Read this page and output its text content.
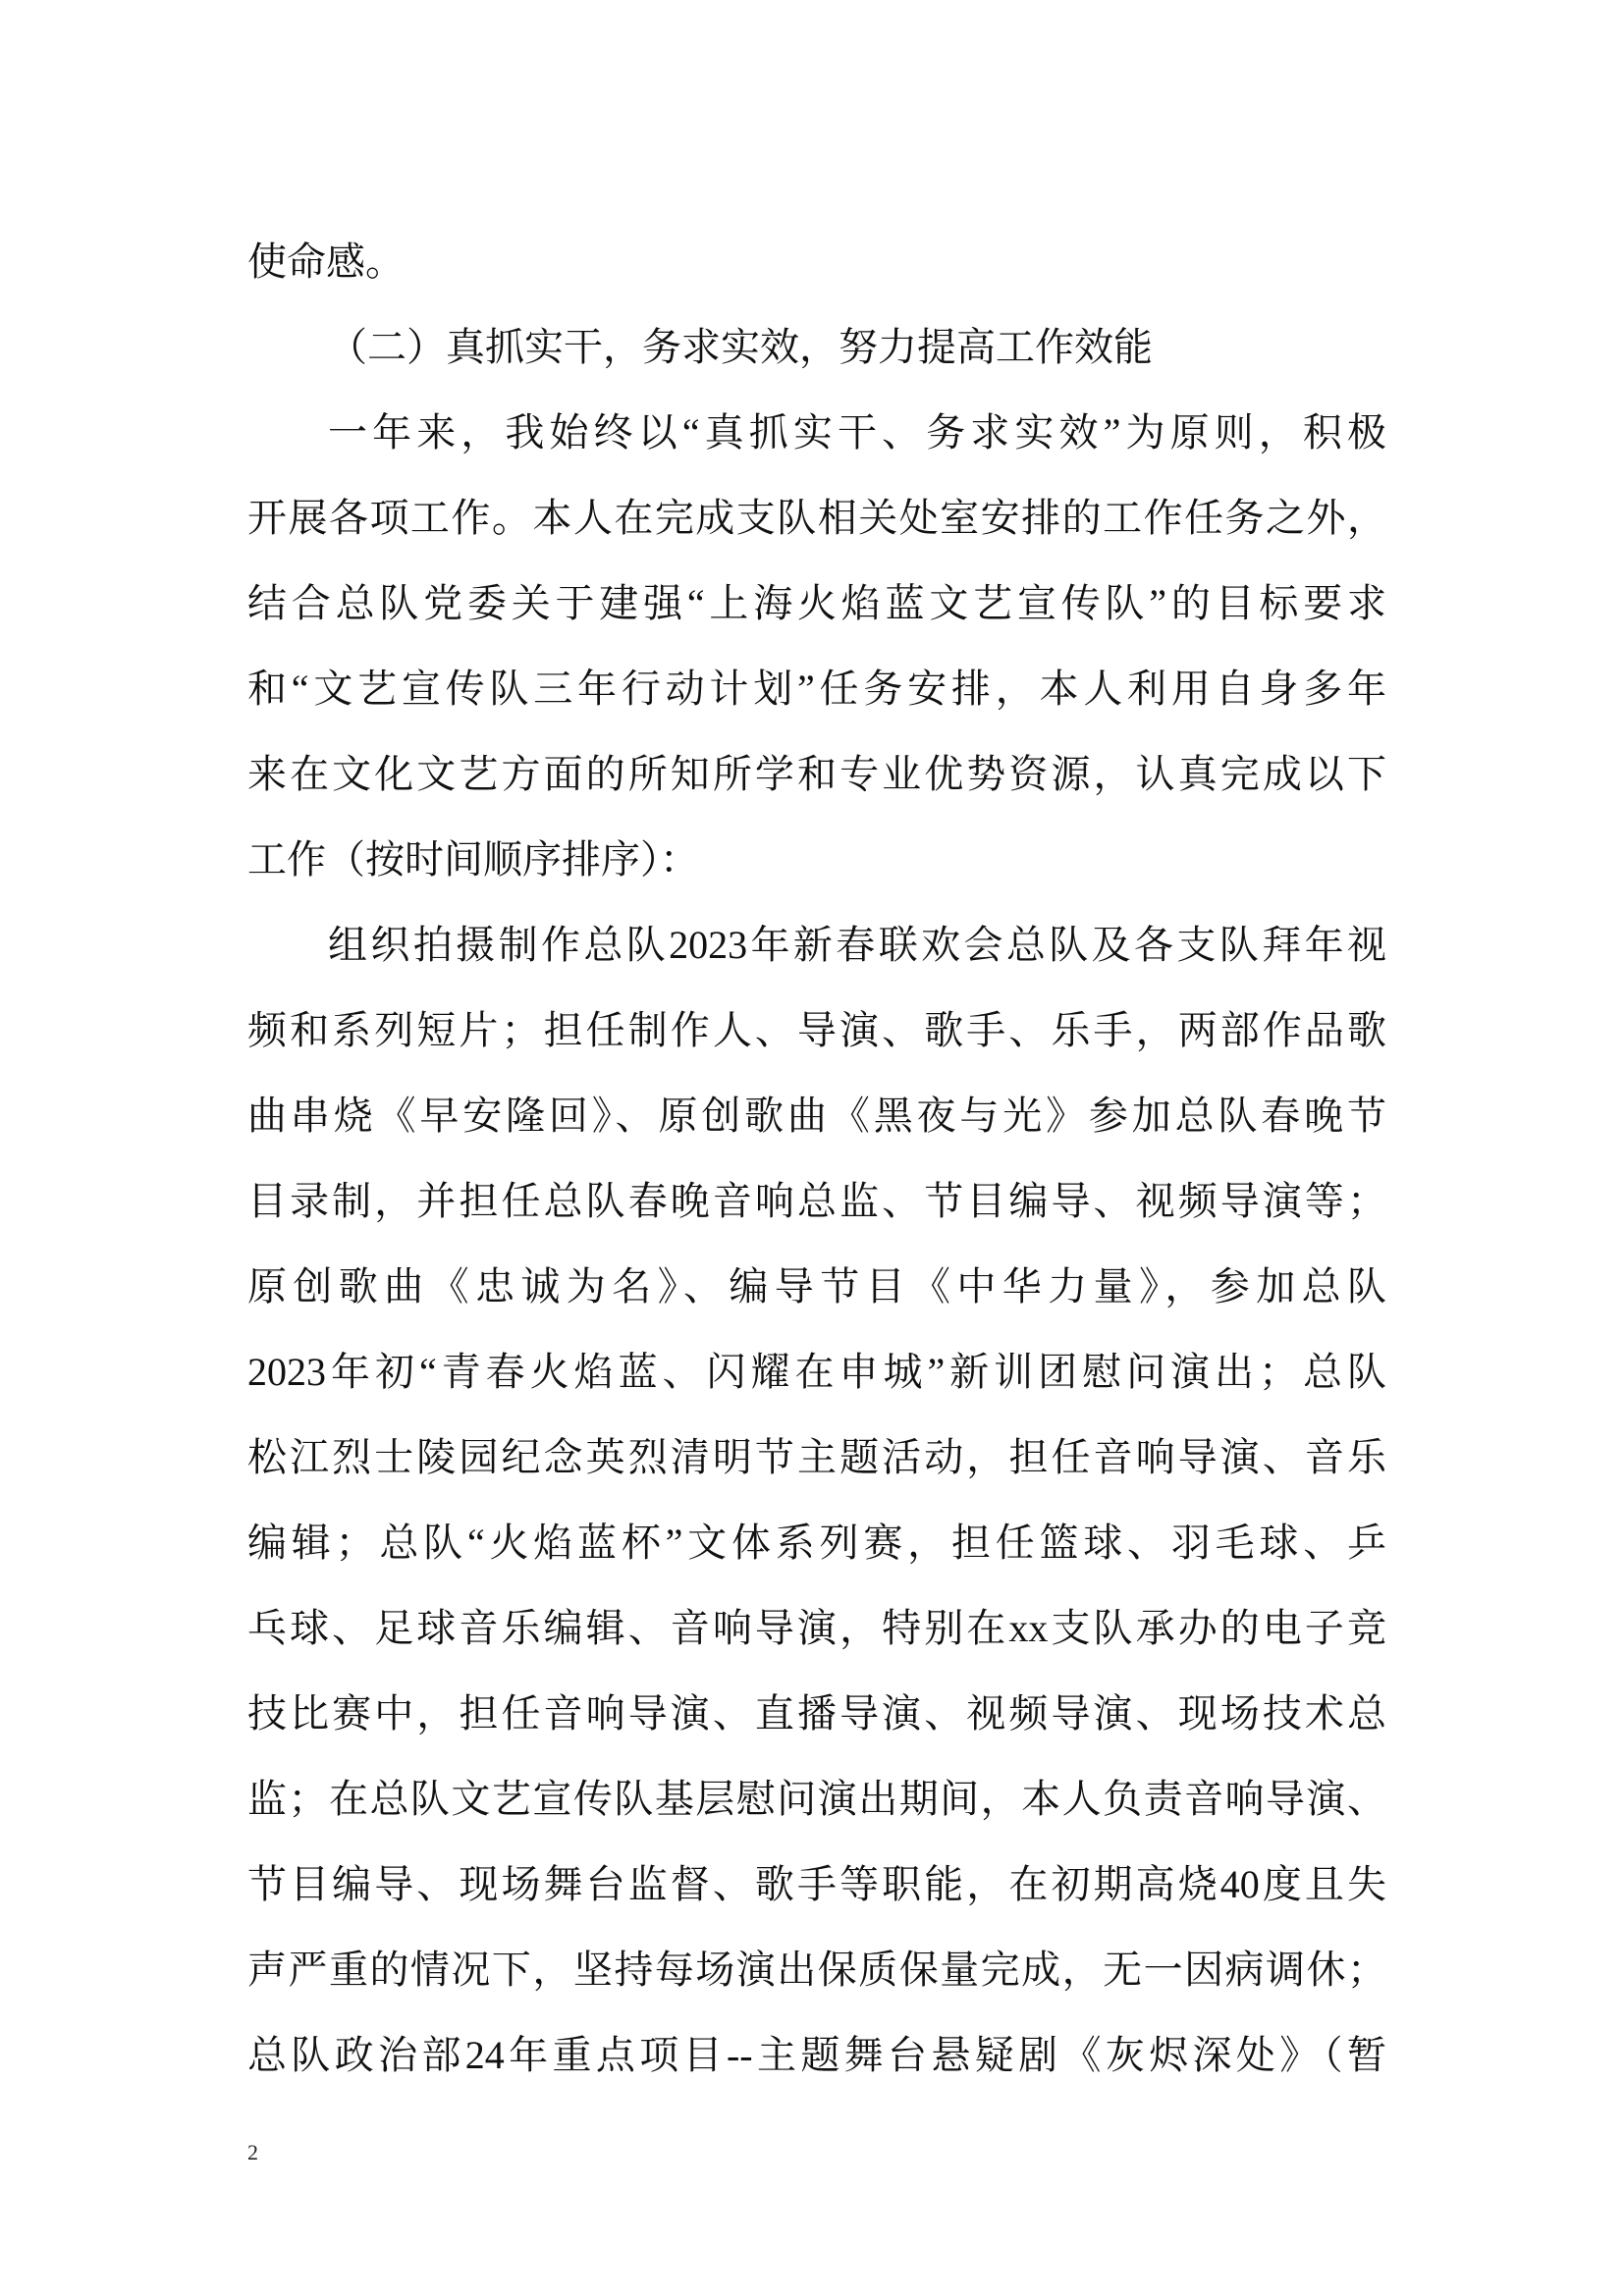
使命感。
（二）真抓实干，务求实效，努力提高工作效能
一年来，我始终以“真抓实干、务求实效”为原则，积极
开展各项工作。本人在完成支队相关处室安排的工作任务之外，
结合总队党委关于建强“上海火焰蓝文艺宣传队”的目标要求
和“文艺宣传队三年行动计划”任务安排，本人利用自身多年
来在文化文艺方面的所知所学和专业优势资源，认真完成以下
工作（按时间顺序排序）：
组织拍摄制作总队2023年新春联欢会总队及各支队拜年视
频和系列短片；担任制作人、导演、歌手、乐手，两部作品歌
曲串烧《早安隆回》、原创歌曲《黑夜与光》参加总队春晚节
目录制，并担任总队春晚音响总监、节目编导、视频导演等；
原创歌曲《忠诚为名》、编导节目《中华力量》，参加总队
2023年初“青春火焰蓝、闪耀在申城”新训团慰问演出；总队
松江烈士陵园纪念英烈清明节主题活动，担任音响导演、音乐
编辑；总队“火焰蓝杯”文体系列赛，担任篮球、羽毛球、乒
乓球、足球音乐编辑、音响导演，特别在xx支队承办的电子竞
技比赛中，担任音响导演、直播导演、视频导演、现场技术总
监；在总队文艺宣传队基层慰问演出期间，本人负责音响导演、
节目编导、现场舞台监督、歌手等职能，在初期高烧40度且失
声严重的情况下，坚持每场演出保质保量完成，无一因病调休；
总队政治部24年重点项目--主题舞台悬疑剧《灰烬深处》（暂
2
